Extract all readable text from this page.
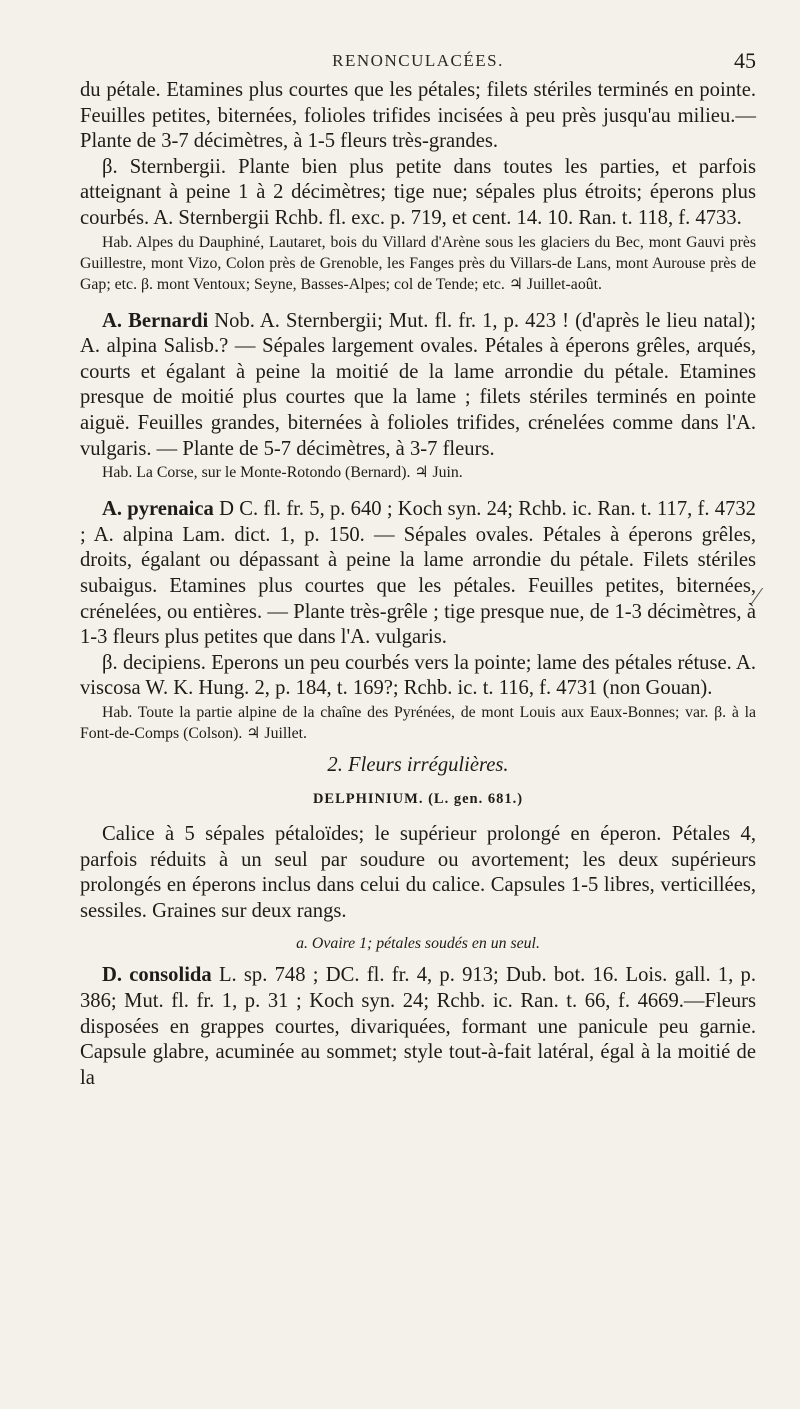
RENONCULACÉES.	45

du pétale. Etamines plus courtes que les pétales; filets stériles terminés en pointe. Feuilles petites, biternées, folioles trifides incisées à peu près jusqu'au milieu.— Plante de 3-7 décimètres, à 1-5 fleurs très-grandes.

β. Sternbergii. Plante bien plus petite dans toutes les parties, et parfois atteignant à peine 1 à 2 décimètres; tige nue; sépales plus étroits; éperons plus courbés. A. Sternbergii Rchb. fl. exc. p. 719, et cent. 14. 10. Ran. t. 118, f. 4733.

Hab. Alpes du Dauphiné, Lautaret, bois du Villard d'Arène sous les glaciers du Bec, mont Gauvi près Guillestre, mont Vizo, Colon près de Grenoble, les Fanges près du Villars-de Lans, mont Aurouse près de Gap; etc. β. mont Ventoux; Seyne, Basses-Alpes; col de Tende; etc. ♃ Juillet-août.

A. Bernardi Nob. A. Sternbergii; Mut. fl. fr. 1, p. 423 ! (d'après le lieu natal); A. alpina Salisb.? — Sépales largement ovales. Pétales à éperons grêles, arqués, courts et égalant à peine la moitié de la lame arrondie du pétale. Etamines presque de moitié plus courtes que la lame ; filets stériles terminés en pointe aiguë. Feuilles grandes, biternées à folioles trifides, crénelées comme dans l'A. vulgaris. — Plante de 5-7 décimètres, à 3-7 fleurs.

Hab. La Corse, sur le Monte-Rotondo (Bernard). ♃ Juin.

A. pyrenaica D C. fl. fr. 5, p. 640 ; Koch syn. 24; Rchb. ic. Ran. t. 117, f. 4732 ; A. alpina Lam. dict. 1, p. 150. — Sépales ovales. Pétales à éperons grêles, droits, égalant ou dépassant à peine la lame arrondie du pétale. Filets stériles subaigus. Etamines plus courtes que les pétales. Feuilles petites, biternées, crénelées, ou entières. — Plante très-grêle ; tige presque nue, de 1-3 décimètres, à 1-3 fleurs plus petites que dans l'A. vulgaris.

β. decipiens. Eperons un peu courbés vers la pointe; lame des pétales rétuse. A. viscosa W. K. Hung. 2, p. 184, t. 169?; Rchb. ic. t. 116, f. 4731 (non Gouan).

Hab. Toute la partie alpine de la chaîne des Pyrénées, de mont Louis aux Eaux-Bonnes; var. β. à la Font-de-Comps (Colson). ♃ Juillet.

2. Fleurs irrégulières.

DELPHINIUM. (L. gen. 681.)

Calice à 5 sépales pétaloïdes; le supérieur prolongé en éperon. Pétales 4, parfois réduits à un seul par soudure ou avortement; les deux supérieurs prolongés en éperons inclus dans celui du calice. Capsules 1-5 libres, verticillées, sessiles. Graines sur deux rangs.

a. Ovaire 1; pétales soudés en un seul.

D. consolida L. sp. 748 ; DC. fl. fr. 4, p. 913; Dub. bot. 16. Lois. gall. 1, p. 386; Mut. fl. fr. 1, p. 31 ; Koch syn. 24; Rchb. ic. Ran. t. 66, f. 4669.—Fleurs disposées en grappes courtes, divariquées, formant une panicule peu garnie. Capsule glabre, acuminée au sommet; style tout-à-fait latéral, égal à la moitié de la

⁄
